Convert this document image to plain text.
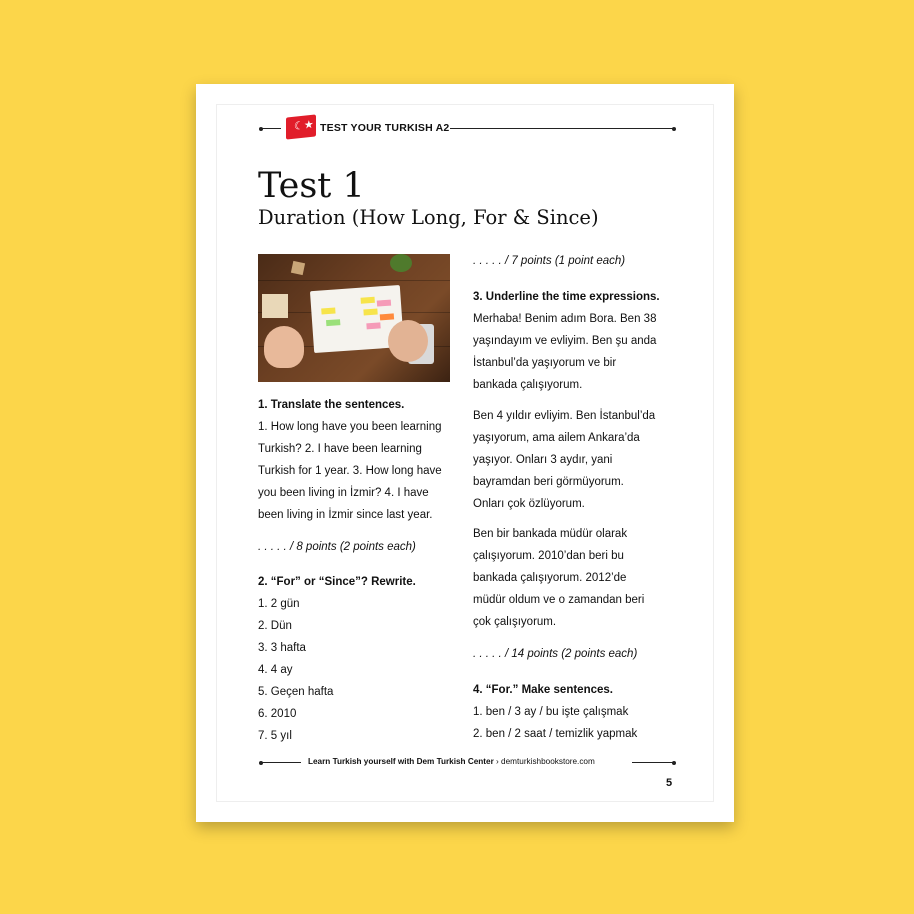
☾★ TEST YOUR TURKISH A2
Test 1
Duration (How Long, For & Since)

1. Translate the sentences.

1. How long have you been learning Turkish? 2. I have been learning Turkish for 1 year. 3. How long have you been living in İzmir? 4. I have been living in İzmir since last year.

. . . . . / 8 points (2 points each)

2. “For” or “Since”? Rewrite.

1. 2 gün

2. Dün

3. 3 hafta

4. 4 ay

5. Geçen hafta

6. 2010

7. 5 yıl

. . . . . / 7 points (1 point each)

3. Underline the time expressions.

Merhaba! Benim adım Bora. Ben 38

yaşındayım ve evliyim. Ben şu anda

İstanbul’da yaşıyorum ve bir

bankada çalışıyorum.

Ben 4 yıldır evliyim. Ben İstanbul’da

yaşıyorum, ama ailem Ankara’da

yaşıyor. Onları 3 aydır, yani

bayramdan beri görmüyorum.

Onları çok özlüyorum.

Ben bir bankada müdür olarak

çalışıyorum. 2010’dan beri bu

bankada çalışıyorum. 2012’de

müdür oldum ve o zamandan beri

çok çalışıyorum.

. . . . . / 14 points (2 points each)

4. “For.” Make sentences.

1. ben / 3 ay / bu işte çalışmak

2. ben / 2 saat / temizlik yapmak

Learn Turkish yourself with Dem Turkish Center › demturkishbookstore.com
5
